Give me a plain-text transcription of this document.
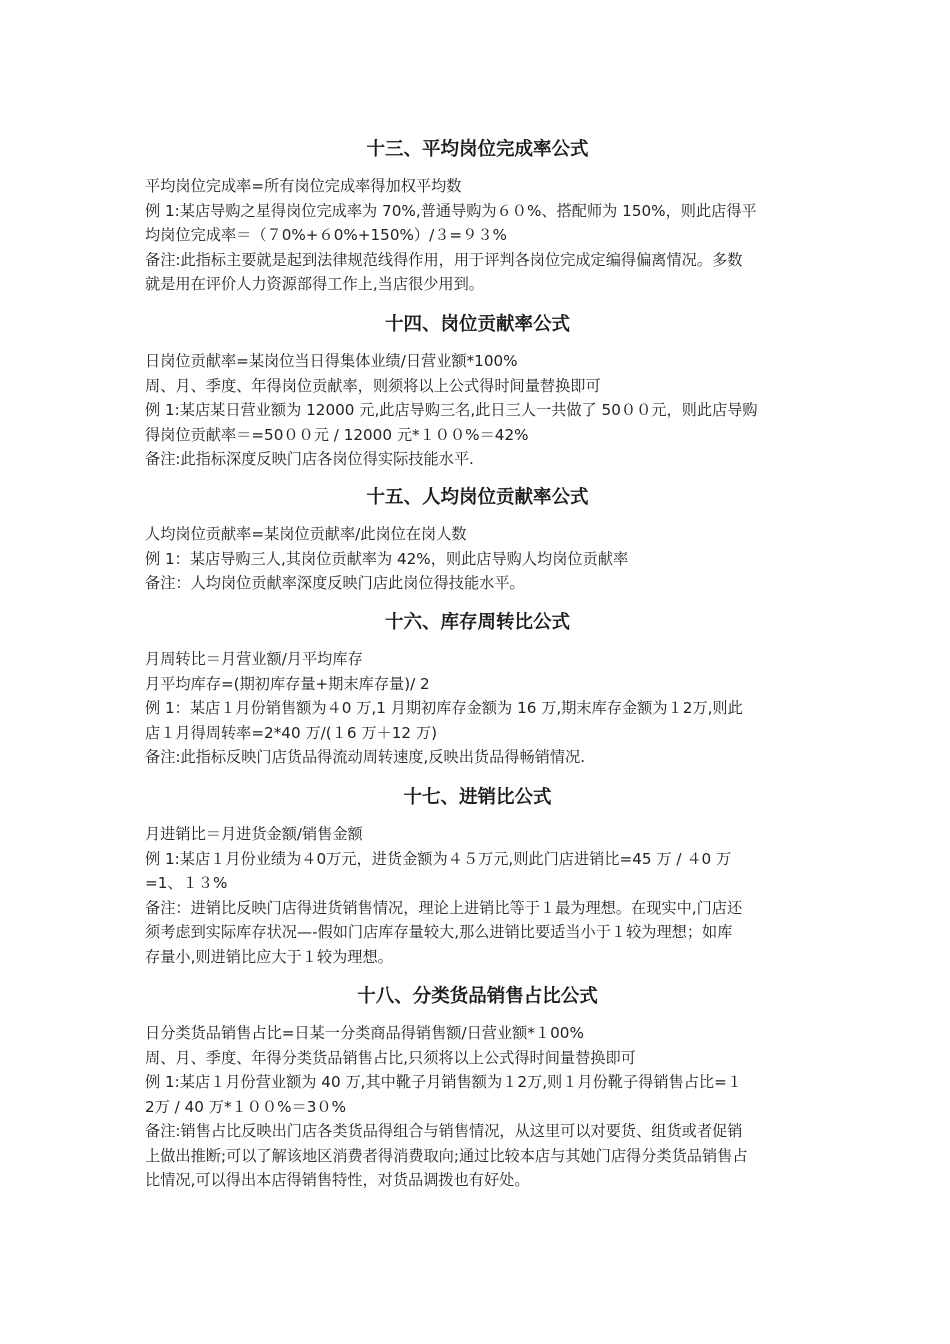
十三、平均岗位完成率公式

平均岗位完成率=所有岗位完成率得加权平均数

例 1:某店导购之星得岗位完成率为 70%,普通导购为６０%、搭配师为 150%，则此店得平

均岗位完成率＝（７0%+６0%+150%）/３=９３%

备注:此指标主要就是起到法律规范线得作用，用于评判各岗位完成定编得偏离情况。多数

就是用在评价人力资源部得工作上,当店很少用到。

十四、岗位贡献率公式

日岗位贡献率=某岗位当日得集体业绩/日营业额*100%

周、月、季度、年得岗位贡献率，则须将以上公式得时间量替换即可

例 1:某店某日营业额为 12000 元,此店导购三名,此日三人一共做了 50００元，则此店导购

得岗位贡献率＝=50００元 / 12000 元*１００%＝42%

备注:此指标深度反映门店各岗位得实际技能水平.

十五、人均岗位贡献率公式

人均岗位贡献率=某岗位贡献率/此岗位在岗人数

例 1：某店导购三人,其岗位贡献率为 42%，则此店导购人均岗位贡献率

备注：人均岗位贡献率深度反映门店此岗位得技能水平。

十六、库存周转比公式

月周转比＝月营业额/月平均库存

月平均库存=(期初库存量+期末库存量)/ 2

例 1：某店１月份销售额为４0 万,1 月期初库存金额为 16 万,期末库存金额为１2万,则此

店１月得周转率=2*40 万/(１6 万＋12 万)

备注:此指标反映门店货品得流动周转速度,反映出货品得畅销情况.

十七、进销比公式

月进销比＝月进货金额/销售金额

例 1:某店１月份业绩为４0万元，进货金额为４５万元,则此门店进销比=45 万 / ４0 万

=1、１３%

备注：进销比反映门店得进货销售情况，理论上进销比等于１最为理想。在现实中,门店还

须考虑到实际库存状况—-假如门店库存量较大,那么进销比要适当小于１较为理想；如库

存量小,则进销比应大于１较为理想。

十八、分类货品销售占比公式

日分类货品销售占比=日某一分类商品得销售额/日营业额*１00%

周、月、季度、年得分类货品销售占比,只须将以上公式得时间量替换即可

例 1:某店１月份营业额为 40 万,其中靴子月销售额为１2万,则１月份靴子得销售占比=１

2万 / 40 万*１００%＝3０%

备注:销售占比反映出门店各类货品得组合与销售情况，从这里可以对要货、组货或者促销

上做出推断;可以了解该地区消费者得消费取向;通过比较本店与其她门店得分类货品销售占

比情况,可以得出本店得销售特性，对货品调拨也有好处。
